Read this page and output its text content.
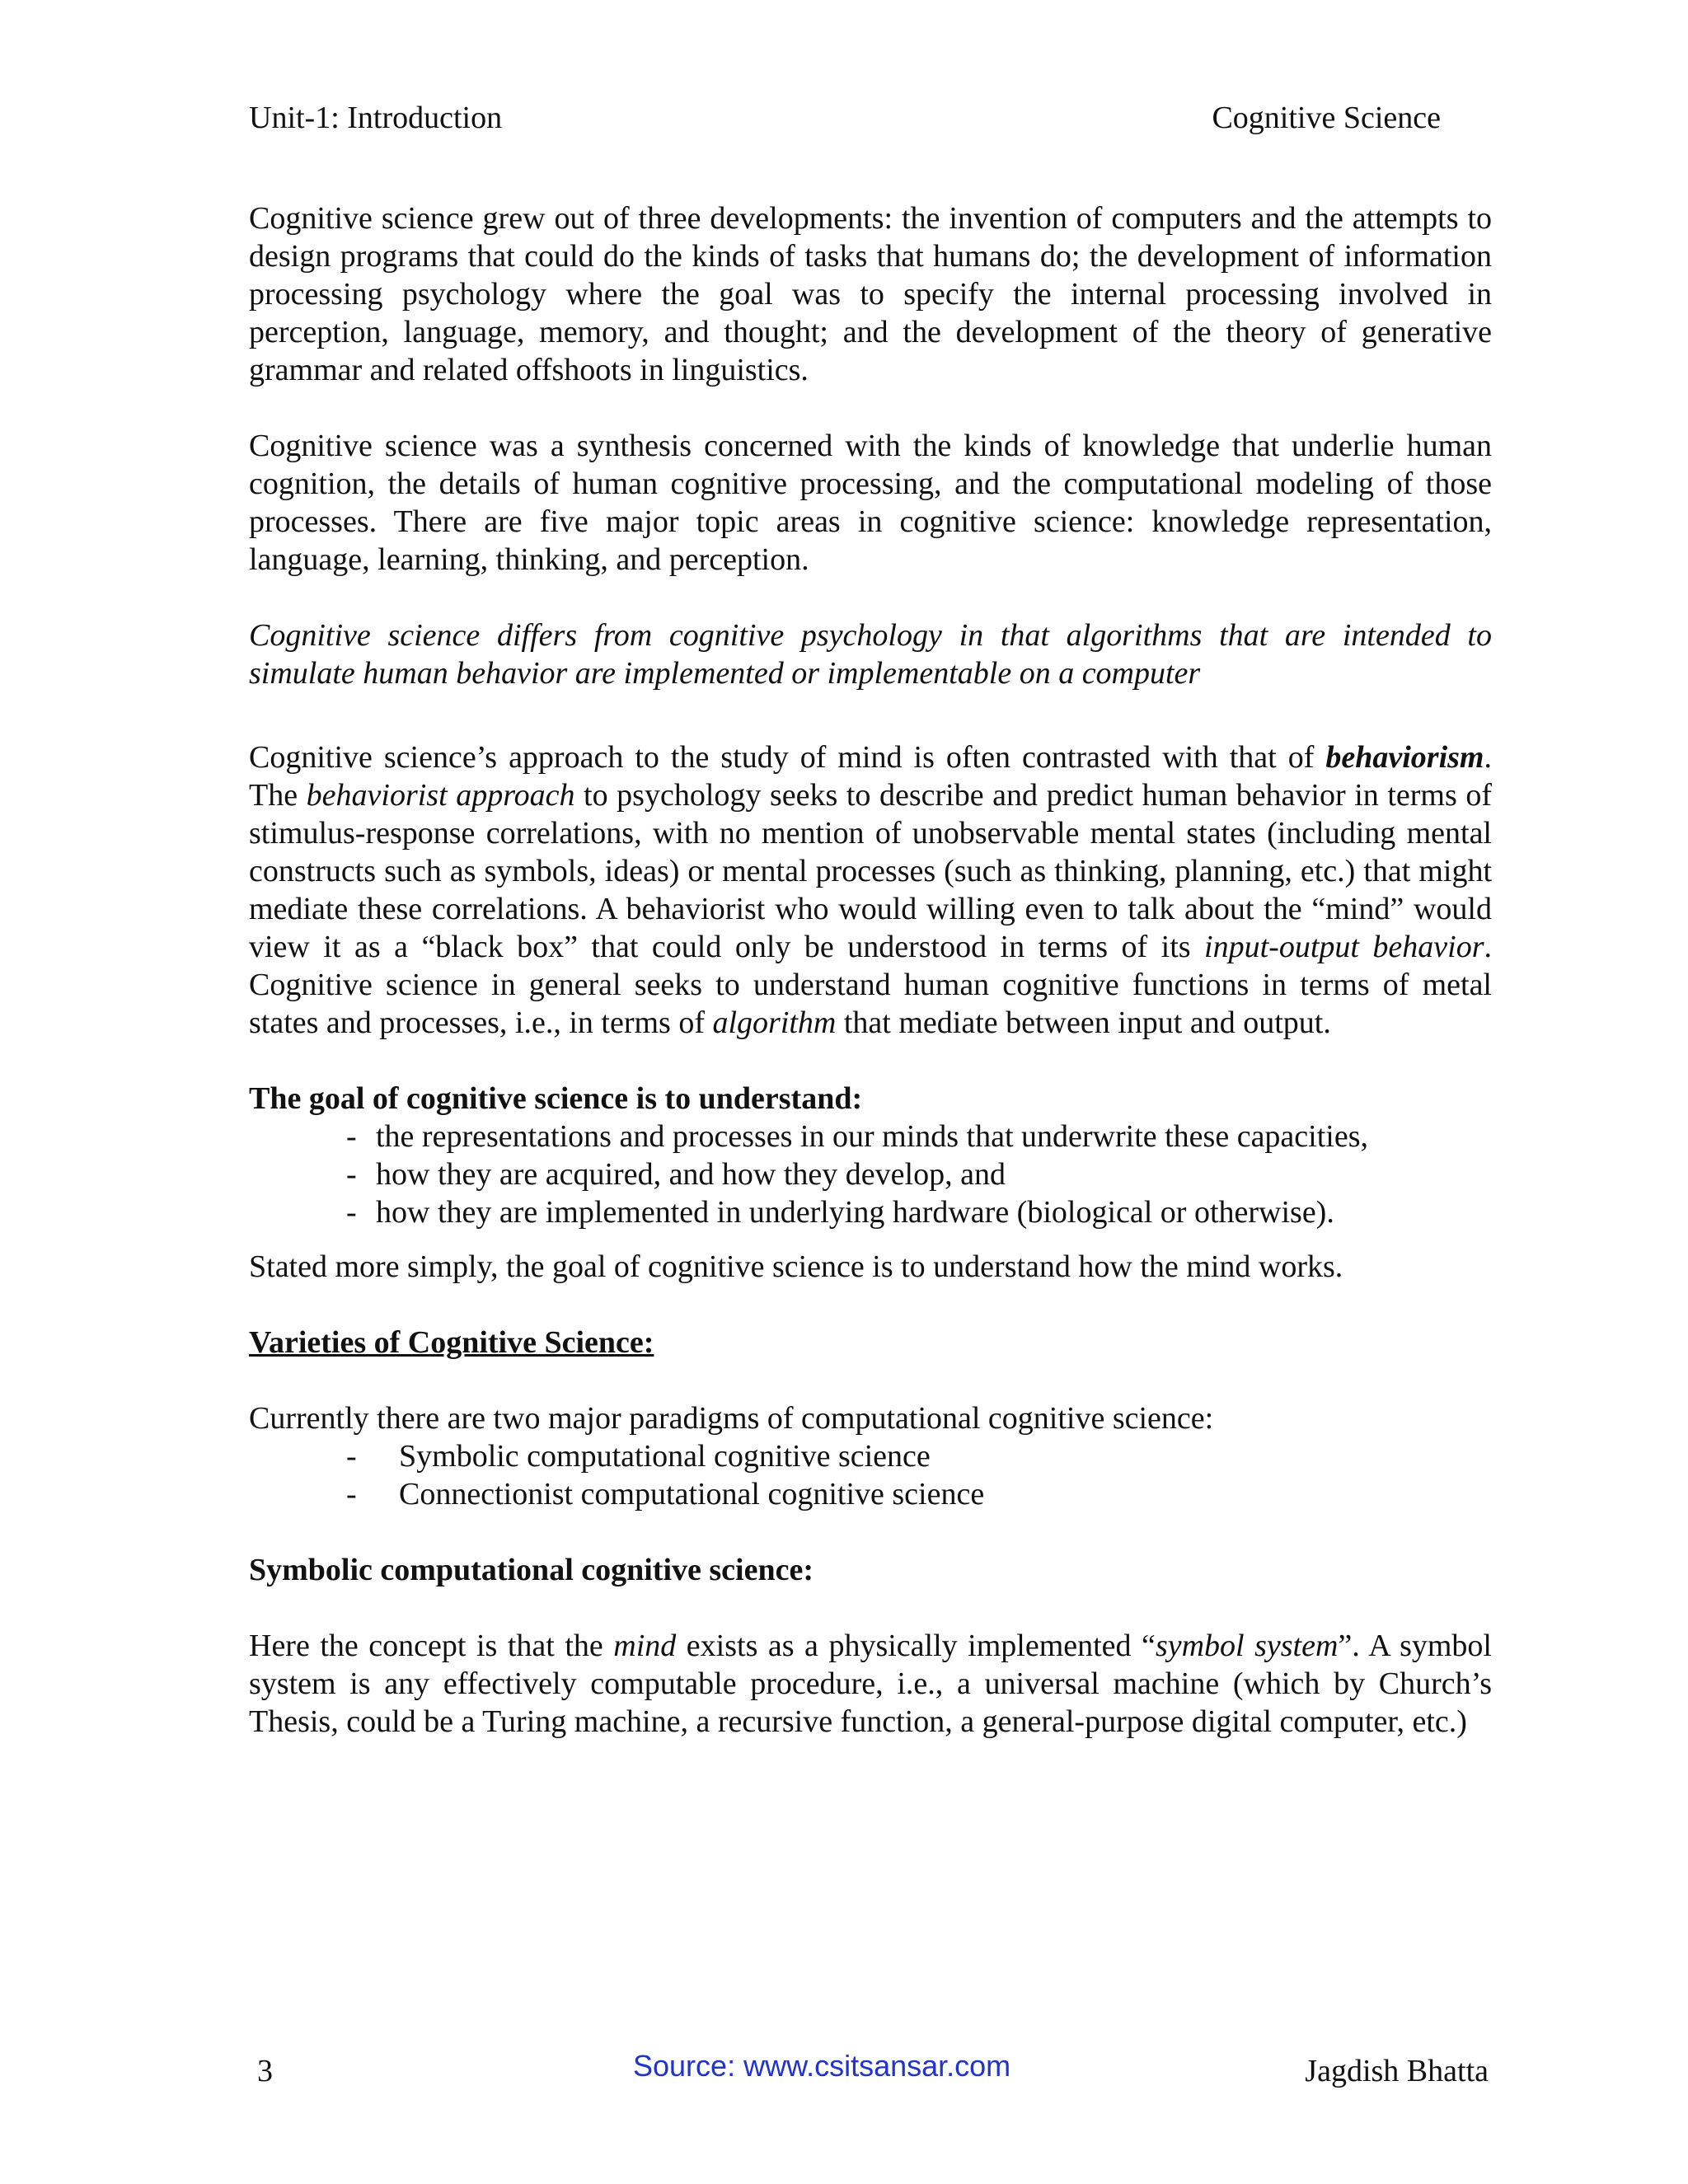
Unit-1: Introduction	Cognitive Science

Cognitive science grew out of three developments: the invention of computers and the attempts to design programs that could do the kinds of tasks that humans do; the development of information processing psychology where the goal was to specify the internal processing involved in perception, language, memory, and thought; and the development of the theory of generative grammar and related offshoots in linguistics.

Cognitive science was a synthesis concerned with the kinds of knowledge that underlie human cognition, the details of human cognitive processing, and the computational modeling of those processes. There are five major topic areas in cognitive science: knowledge representation, language, learning, thinking, and perception.

Cognitive science differs from cognitive psychology in that algorithms that are intended to simulate human behavior are implemented or implementable on a computer

Cognitive science’s approach to the study of mind is often contrasted with that of behaviorism. The behaviorist approach to psychology seeks to describe and predict human behavior in terms of stimulus-response correlations, with no mention of unobservable mental states (including mental constructs such as symbols, ideas) or mental processes (such as thinking, planning, etc.) that might mediate these correlations. A behaviorist who would willing even to talk about the “mind” would view it as a “black box” that could only be understood in terms of its input-output behavior. Cognitive science in general seeks to understand human cognitive functions in terms of metal states and processes, i.e., in terms of algorithm that mediate between input and output.

The goal of cognitive science is to understand:

- the representations and processes in our minds that underwrite these capacities,
- how they are acquired, and how they develop, and
- how they are implemented in underlying hardware (biological or otherwise).

Stated more simply, the goal of cognitive science is to understand how the mind works.

Varieties of Cognitive Science:

Currently there are two major paradigms of computational cognitive science:

- Symbolic computational cognitive science
- Connectionist computational cognitive science

Symbolic computational cognitive science:

Here the concept is that the mind exists as a physically implemented “symbol system”. A symbol system is any effectively computable procedure, i.e., a universal machine (which by Church’s Thesis, could be a Turing machine, a recursive function, a general-purpose digital computer, etc.)

3	Source: www.csitsansar.com	Jagdish Bhatta
